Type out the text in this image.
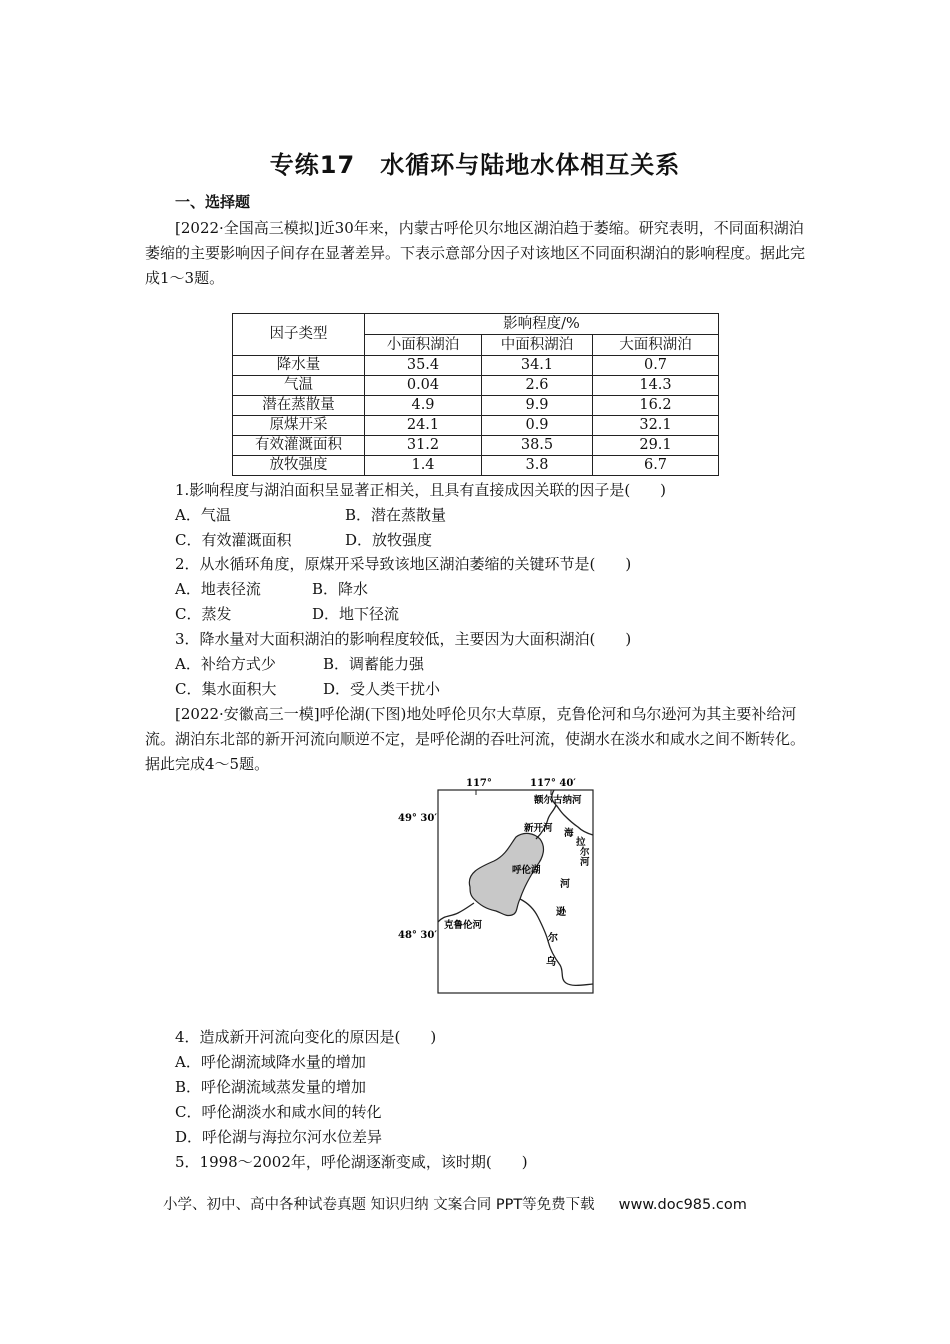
专练17　水循环与陆地水体相互关系
一、选择题
[2022·全国高三模拟]近30年来，内蒙古呼伦贝尔地区湖泊趋于萎缩。研究表明，不同面积湖泊萎缩的主要影响因子间存在显著差异。下表示意部分因子对该地区不同面积湖泊的影响程度。据此完成1～3题。
因子类型	影响程度/%		
	小面积湖泊	中面积湖泊	大面积湖泊
降水量	35.4	34.1	0.7
气温	0.04	2.6	14.3
潜在蒸散量	4.9	9.9	16.2
原煤开采	24.1	0.9	32.1
有效灌溉面积	31.2	38.5	29.1
放牧强度	1.4	3.8	6.7
1.影响程度与湖泊面积呈显著正相关，且具有直接成因关联的因子是(　　)
A．气温	B．潜在蒸散量
C．有效灌溉面积	D．放牧强度
2．从水循环角度，原煤开采导致该地区湖泊萎缩的关键环节是(　　)
A．地表径流	B．降水
C．蒸发	D．地下径流
3．降水量对大面积湖泊的影响程度较低，主要因为大面积湖泊(　　)
A．补给方式少	B．调蓄能力强
C．集水面积大	D．受人类干扰小
[2022·安徽高三一模]呼伦湖(下图)地处呼伦贝尔大草原，克鲁伦河和乌尔逊河为其主要补给河流。湖泊东北部的新开河流向顺逆不定，是呼伦湖的吞吐河流，使湖水在淡水和咸水之间不断转化。据此完成4～5题。
117°	117° 40′
49° 30′
48° 30′
额尔古纳河
新开河 海
拉
尔
河
呼伦湖
克鲁伦河
河
逊
尔
乌
4．造成新开河流向变化的原因是(　　)
A．呼伦湖流域降水量的增加
B．呼伦湖流域蒸发量的增加
C．呼伦湖淡水和咸水间的转化
D．呼伦湖与海拉尔河水位差异
5．1998～2002年，呼伦湖逐渐变咸，该时期(　　)
小学、初中、高中各种试卷真题 知识归纳 文案合同 PPT等免费下载 www.doc985.com
